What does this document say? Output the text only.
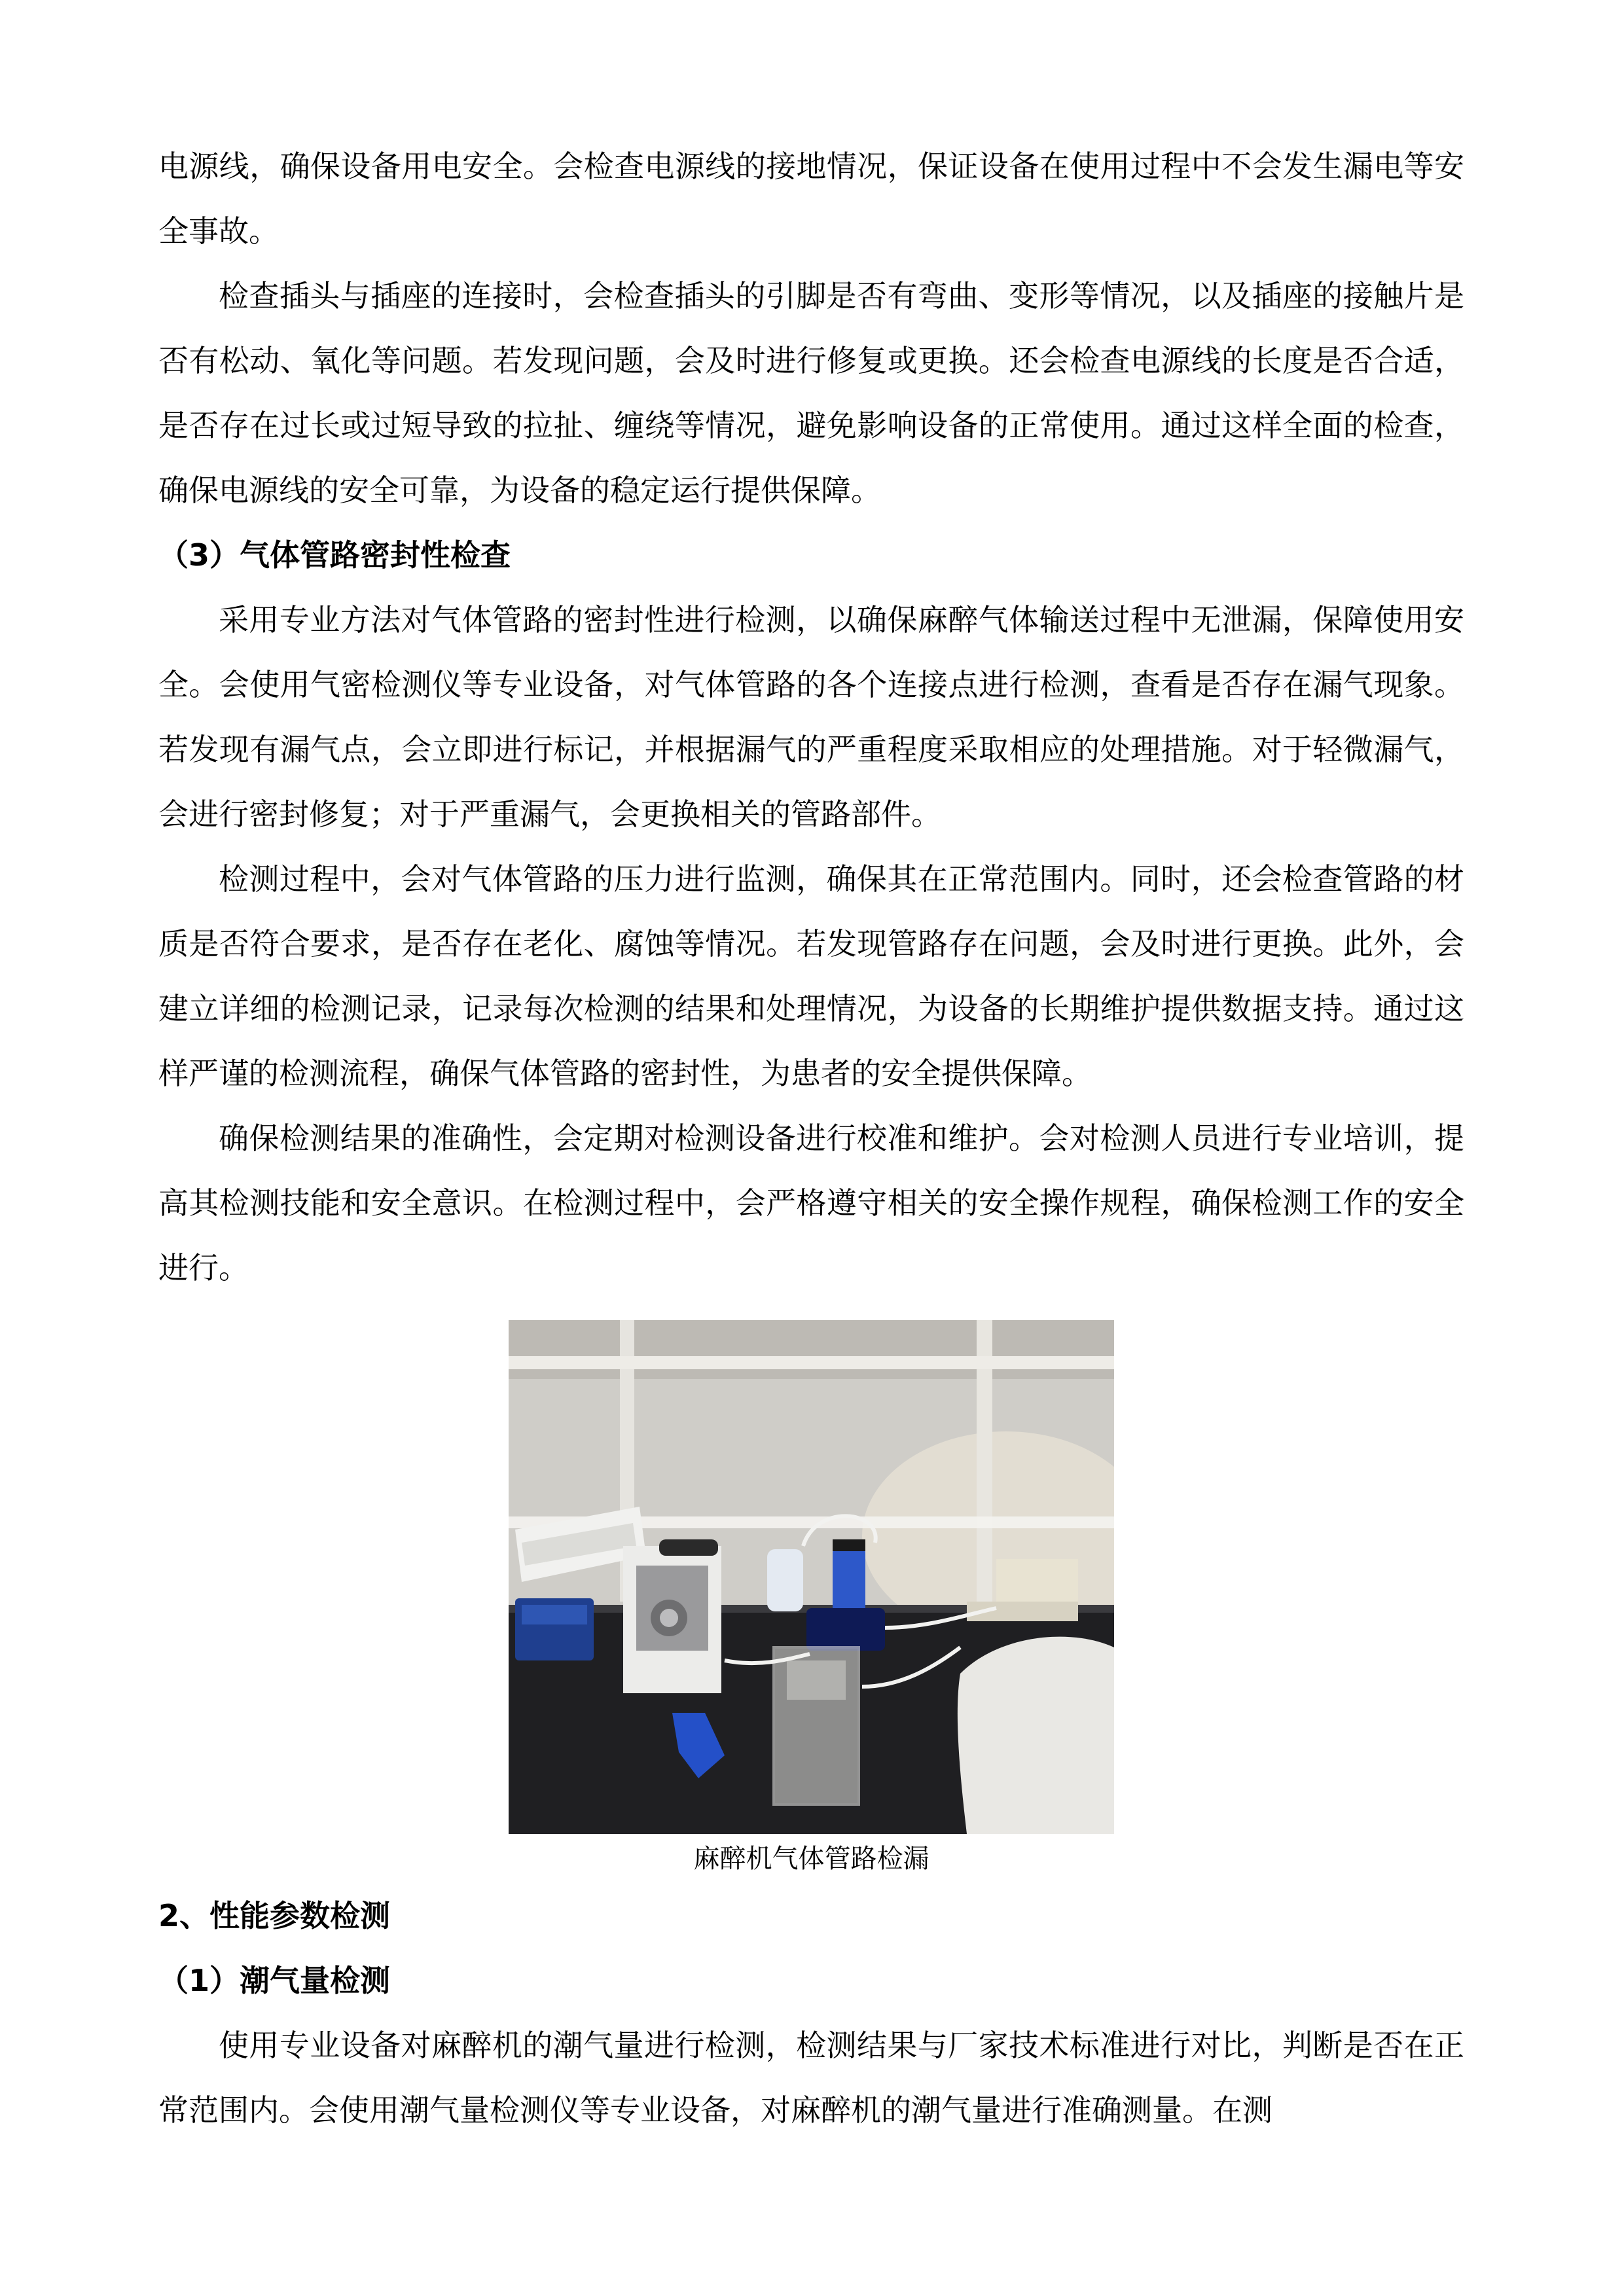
电源线，确保设备用电安全。会检查电源线的接地情况，保证设备在使用过程中不会发生漏电等安全事故。

检查插头与插座的连接时，会检查插头的引脚是否有弯曲、变形等情况，以及插座的接触片是否有松动、氧化等问题。若发现问题，会及时进行修复或更换。还会检查电源线的长度是否合适，是否存在过长或过短导致的拉扯、缠绕等情况，避免影响设备的正常使用。通过这样全面的检查，确保电源线的安全可靠，为设备的稳定运行提供保障。

（3）气体管路密封性检查

采用专业方法对气体管路的密封性进行检测，以确保麻醉气体输送过程中无泄漏，保障使用安全。会使用气密检测仪等专业设备，对气体管路的各个连接点进行检测，查看是否存在漏气现象。若发现有漏气点，会立即进行标记，并根据漏气的严重程度采取相应的处理措施。对于轻微漏气，会进行密封修复；对于严重漏气，会更换相关的管路部件。

检测过程中，会对气体管路的压力进行监测，确保其在正常范围内。同时，还会检查管路的材质是否符合要求，是否存在老化、腐蚀等情况。若发现管路存在问题，会及时进行更换。此外，会建立详细的检测记录，记录每次检测的结果和处理情况，为设备的长期维护提供数据支持。通过这样严谨的检测流程，确保气体管路的密封性，为患者的安全提供保障。

确保检测结果的准确性，会定期对检测设备进行校准和维护。会对检测人员进行专业培训，提高其检测技能和安全意识。在检测过程中，会严格遵守相关的安全操作规程，确保检测工作的安全进行。

麻醉机气体管路检漏
2、性能参数检测
（1）潮气量检测

使用专业设备对麻醉机的潮气量进行检测，检测结果与厂家技术标准进行对比，判断是否在正常范围内。会使用潮气量检测仪等专业设备，对麻醉机的潮气量进行准确测量。在测
